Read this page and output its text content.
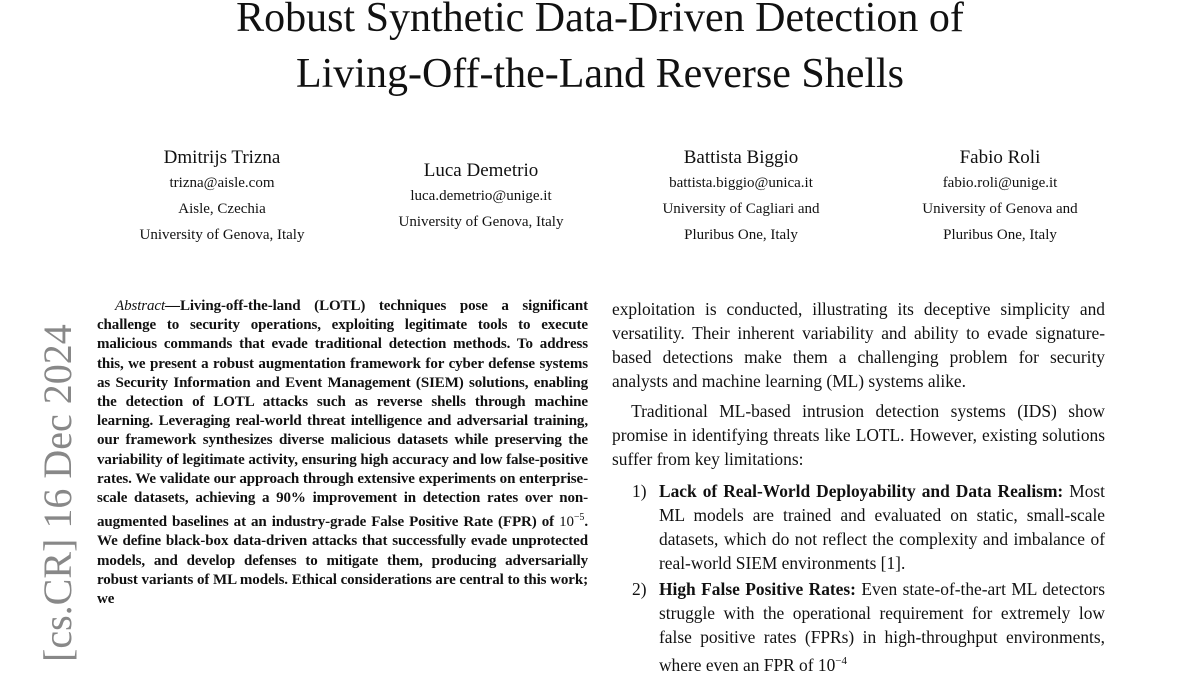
Robust Synthetic Data-Driven Detection of
Living-Off-the-Land Reverse Shells
Dmitrijs Trizna
trizna@aisle.com
Aisle, Czechia
University of Genova, Italy
Luca Demetrio
luca.demetrio@unige.it
University of Genova, Italy
Battista Biggio
battista.biggio@unica.it
University of Cagliari and
Pluribus One, Italy
Fabio Roli
fabio.roli@unige.it
University of Genova and
Pluribus One, Italy
[cs.CR] 16 Dec 2024
Abstract—Living-off-the-land (LOTL) techniques pose a significant challenge to security operations, exploiting legitimate tools to execute malicious commands that evade traditional detection methods. To address this, we present a robust augmentation framework for cyber defense systems as Security Information and Event Management (SIEM) solutions, enabling the detection of LOTL attacks such as reverse shells through machine learning. Leveraging real-world threat intelligence and adversarial training, our framework synthesizes diverse malicious datasets while preserving the variability of legitimate activity, ensuring high accuracy and low false-positive rates. We validate our approach through extensive experiments on enterprise-scale datasets, achieving a 90% improvement in detection rates over non-augmented baselines at an industry-grade False Positive Rate (FPR) of $10^{-5}$. We define black-box data-driven attacks that successfully evade unprotected models, and develop defenses to mitigate them, producing adversarially robust variants of ML models. Ethical considerations are central to this work; we

exploitation is conducted, illustrating its deceptive simplicity and versatility. Their inherent variability and ability to evade signature-based detections make them a challenging problem for security analysts and machine learning (ML) systems alike.

Traditional ML-based intrusion detection systems (IDS) show promise in identifying threats like LOTL. However, existing solutions suffer from key limitations:

1) Lack of Real-World Deployability and Data Realism: Most ML models are trained and evaluated on static, small-scale datasets, which do not reflect the complexity and imbalance of real-world SIEM environments [1].
2) High False Positive Rates: Even state-of-the-art ML detectors struggle with the operational requirement for extremely low false positive rates (FPRs) in high-throughput environments, where even an FPR of $10^{-4}$
